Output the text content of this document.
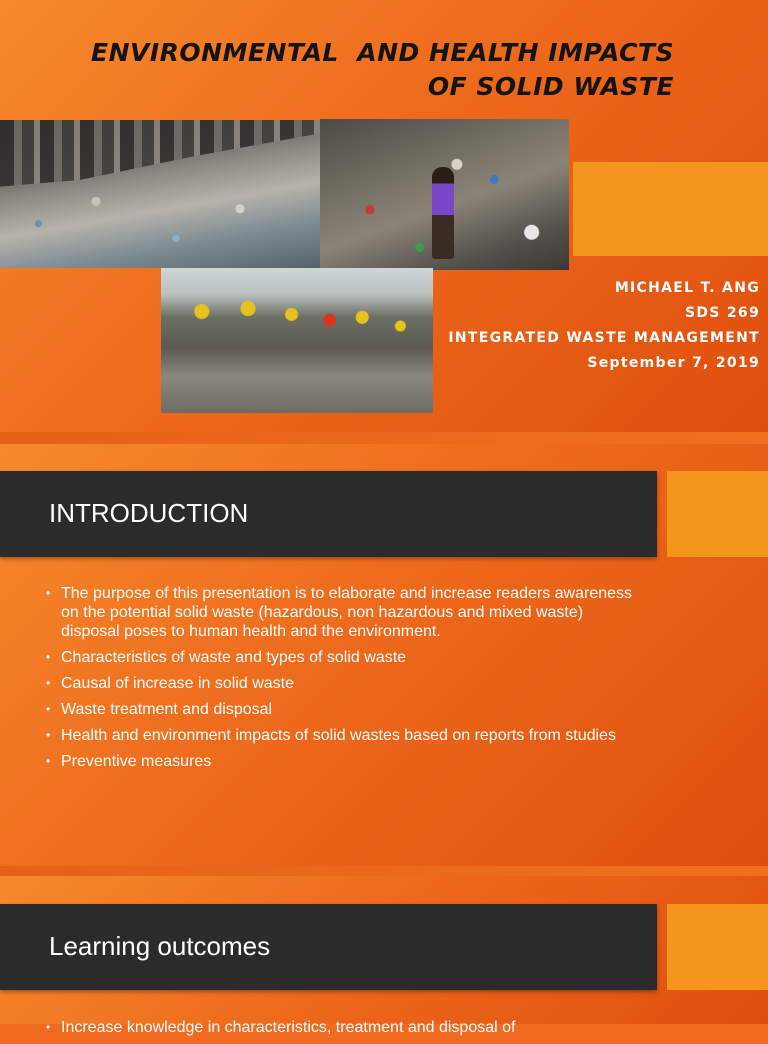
ENVIRONMENTAL  AND HEALTH IMPACTS
OF SOLID WASTE
MICHAEL T. ANG
SDS 269
INTEGRATED WASTE MANAGEMENT
September 7, 2019
INTRODUCTION
• The purpose of this presentation is to elaborate and increase readers awareness on the potential solid waste (hazardous, non hazardous and mixed waste) disposal poses to human health and the environment.
• Characteristics of waste and types of solid waste
• Causal of increase in solid waste
• Waste treatment and disposal
• Health and environment impacts of solid wastes based on reports from studies
• Preventive measures
Learning outcomes
• Increase knowledge in characteristics, treatment and disposal of
